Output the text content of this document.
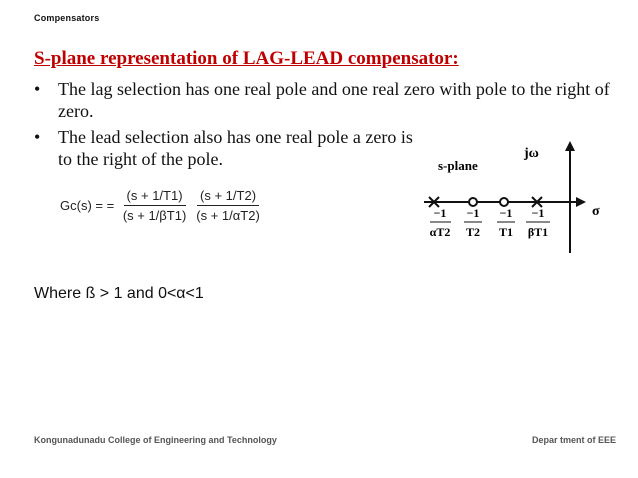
Compensators
S-plane representation of LAG-LEAD compensator:
• The lag selection has one real pole and one real zero with pole to the right of zero.
• The lead selection also has one real pole a zero is to the right of the pole.
Gc(s) = =
$\frac{(s + 1/T1)}{(s + 1/\beta T1)} \frac{(s + 1/T2)}{(s + 1/\alpha T2)}$
Where ß > 1 and 0<α<1
s-plane
jω
σ
−1
αT2
−1
T2
−1
T1
−1
βT1
Kongunadunadu College of Engineering and Technology	Depar tment of EEE
